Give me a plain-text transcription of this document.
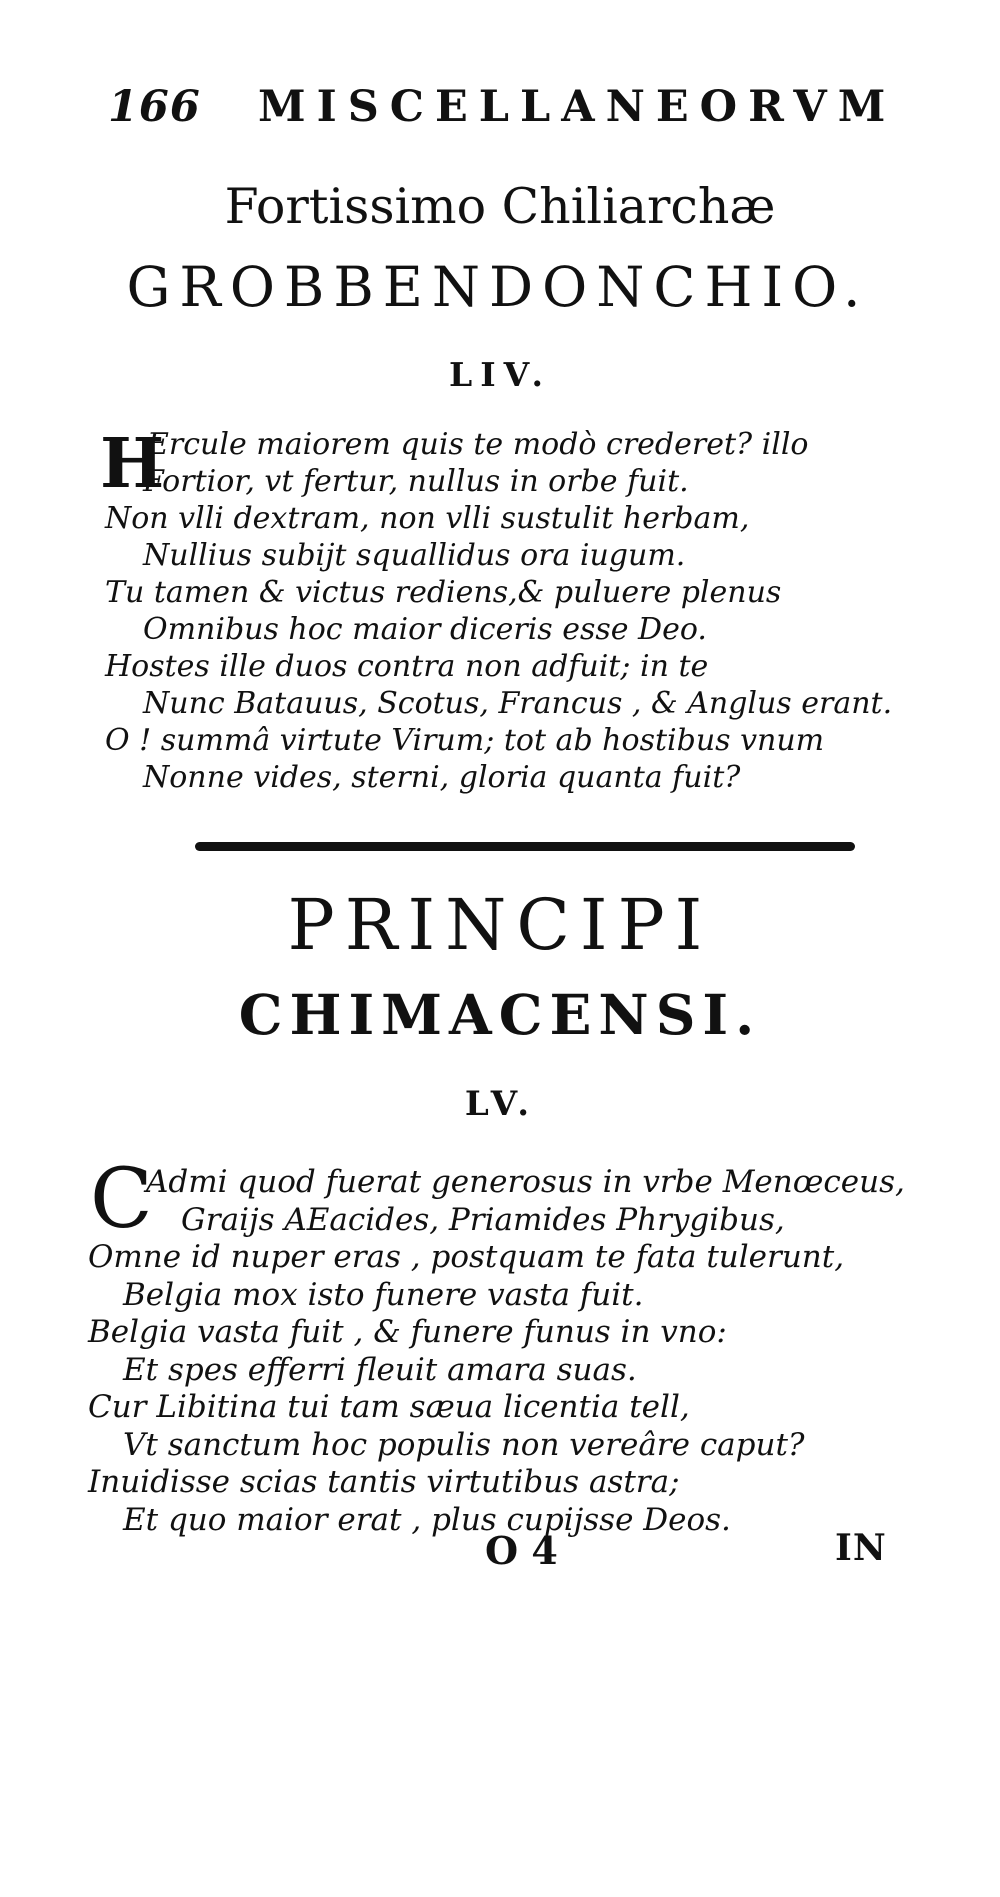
166 MISCELLANEORVM
Fortissimo Chiliarchæ
GROBBENDONCHIO.
LIV.
H
Ercule maiorem quis te modò crederet? illo
Fortior, vt fertur, nullus in orbe fuit.
Non vlli dextram, non vlli sustulit herbam,
Nullius subijt squallidus ora iugum.
Tu tamen & victus rediens,& puluere plenus
Omnibus hoc maior diceris esse Deo.
Hostes ille duos contra non adfuit; in te
Nunc Batauus, Scotus, Francus , & Anglus erant.
O ! summâ virtute Virum; tot ab hostibus vnum
Nonne vides, sterni, gloria quanta fuit?
PRINCIPI
CHIMACENSI.
LV.
C
Admi quod fuerat generosus in vrbe Menœceus,
Graijs AEacides, Priamides Phrygibus,
Omne id nuper eras , postquam te fata tulerunt,
Belgia mox isto funere vasta fuit.
Belgia vasta fuit , & funere funus in vno:
Et spes efferri fleuit amara suas.
Cur Libitina tui tam sæua licentia tell,
Vt sanctum hoc populis non vereâre caput?
Inuidisse scias tantis virtutibus astra;
Et quo maior erat , plus cupijsse Deos.
O 4	IN
